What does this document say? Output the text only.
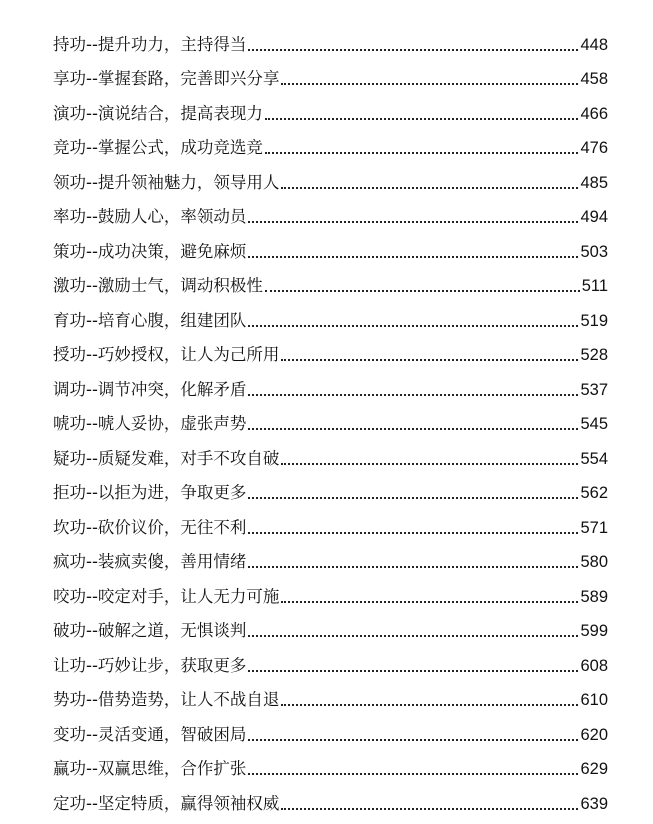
持功--提升功力，主持得当	448
享功--掌握套路，完善即兴分享	458
演功--演说结合，提高表现力	466
竞功--掌握公式，成功竞选竞	476
领功--提升领袖魅力，领导用人	485
率功--鼓励人心，率领动员	494
策功--成功决策，避免麻烦	503
激功--激励士气，调动积极性	511
育功--培育心腹，组建团队	519
授功--巧妙授权，让人为己所用	528
调功--调节冲突，化解矛盾	537
唬功--唬人妥协，虚张声势	545
疑功--质疑发难，对手不攻自破	554
拒功--以拒为进，争取更多	562
坎功--砍价议价，无往不利	571
疯功--装疯卖傻，善用情绪	580
咬功--咬定对手，让人无力可施	589
破功--破解之道，无惧谈判	599
让功--巧妙让步，获取更多	608
势功--借势造势，让人不战自退	610
变功--灵活变通，智破困局	620
赢功--双赢思维，合作扩张	629
定功--坚定特质，赢得领袖权威	639
